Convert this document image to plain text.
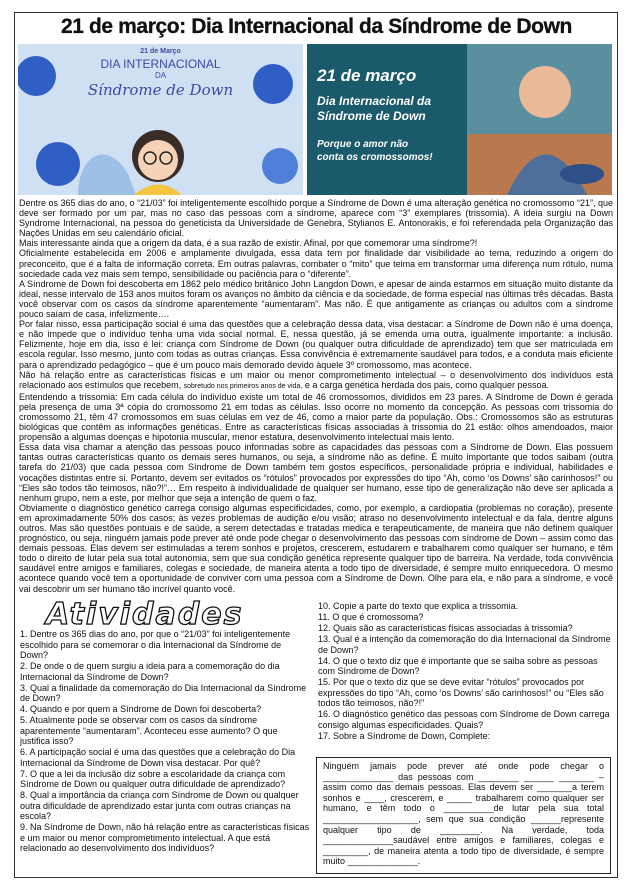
21 de março: Dia Internacional da Síndrome de Down
21 de Março
DIA INTERNACIONAL
DA
Síndrome de Down
21 de março
Dia Internacional da
Síndrome de Down
Porque o amor não
conta os cromossomos!

Dentre os 365 dias do ano, o “21/03” foi inteligentemente escolhido porque a Síndrome de Down é uma alteração genética no cromossomo “21”, que deve ser formado por um par, mas no caso das pessoas com a síndrome, aparece com “3” exemplares (trissomia). A ideia surgiu na Down Syndrome Internacional, na pessoa do geneticista da Universidade de Genebra, Stylianos E. Antonorakis, e foi referendada pela Organização das Nações Unidas em seu calendário oficial.

Mais interessante ainda que a origem da data, é a sua razão de existir. Afinal, por que comemorar uma síndrome?!

Oficialmente estabelecida em 2006 e amplamente divulgada, essa data tem por finalidade dar visibilidade ao tema, reduzindo a origem do preconceito, que é a falta de informação correta. Em outras palavras, combater o “mito” que teima em transformar uma diferença num rótulo, numa sociedade cada vez mais sem tempo, sensibilidade ou paciência para o “diferente”.

A Síndrome de Down foi descoberta em 1862 pelo médico britânico John Langdon Down, e apesar de ainda estarmos em situação muito distante da ideal, nesse intervalo de 153 anos muitos foram os avanços no âmbito da ciência e da sociedade, de forma especial nas últimas três décadas. Basta você observar com os casos da síndrome aparentemente “aumentaram”. Mas não. É que antigamente as crianças ou adultos com a síndrome pouco saíam de casa, infelizmente….

Por falar nisso, essa participação social é uma das questões que a celebração dessa data, visa destacar: a Síndrome de Down não é uma doença, e não impede que o indivíduo tenha uma vida social normal. E, nessa questão, já se emenda uma outra, igualmente importante: a inclusão. Felizmente, hoje em dia, isso é lei: criança com Síndrome de Down (ou qualquer outra dificuldade de aprendizado) tem que ser matriculada em escola regular. Isso mesmo, junto com todas as outras crianças. Essa convivência é extremamente saudável para todos, e a conduta mais eficiente para o aprendizado pedagógico – que é um pouco mais demorado devido àquele 3º cromossomo, mas acontece.

Não há relação entre as características físicas e um maior ou menor comprometimento intelectual – o desenvolvimento dos indivíduos está relacionado aos estímulos que recebem, sobretudo nos primeiros anos de vida, e a carga genética herdada dos pais, como qualquer pessoa.

Entendendo a trissomia: Em cada célula do indivíduo existe um total de 46 cromossomos, divididos em 23 pares. A Síndrome de Down é gerada pela presença de uma 3ª cópia do cromossomo 21 em todas as células. Isso ocorre no momento da concepção. As pessoas com trissomia do cromossomo 21, têm 47 cromossomos em suas células em vez de 46, como a maior parte da população. Obs.: Cromossomos são as estruturas biológicas que contêm as informações genéticas. Entre as características físicas associadas à trissomia do 21 estão: olhos amendoados, maior propensão a algumas doenças e hipotonia muscular, menor estatura, desenvolvimento intelectual mais lento.

Essa data visa chamar a atenção das pessoas pouco informadas sobre as capacidades das pessoas com a Síndrome de Down. Elas possuem tantas outras características quanto os demais seres humanos, ou seja, a síndrome não as define. É muito importante que todos saibam (outra tarefa do 21/03) que cada pessoa com Síndrome de Down também tem gostos específicos, personalidade própria e individual, habilidades e vocações distintas entre si. Portanto, devem ser evitados os “rótulos” provocados por expressões do tipo “Ah, como ‘os Downs’ são carinhosos!” ou “Eles são todos tão teimosos, não?!”… Em respeito à individualidade de qualquer ser humano, esse tipo de generalização não deve ser aplicada a nenhum grupo, nem a este, por melhor que seja a intenção de quem o faz.

Obviamente o diagnóstico genético carrega consigo algumas especificidades, como, por exemplo, a cardiopatia (problemas no coração), presente em aproximadamente 50% dos casos; às vezes problemas de audição e/ou visão; atraso no desenvolvimento intelectual e da fala, dentre alguns outros. Mas são questões pontuais e de saúde, a serem detectadas e tratadas medica e terapeuticamente, de maneira que não definem qualquer prognóstico, ou seja, ninguém jamais pode prever até onde pode chegar o desenvolvimento das pessoas com síndrome de Down – assim como das demais pessoas. Elas devem ser estimuladas a terem sonhos e projetos, crescerem, estudarem e trabalharem como qualquer ser humano, e têm todo o direito de lutar pela sua total autonomia, sem que sua condição genética represente qualquer tipo de barreira. Na verdade, toda convivência saudável entre amigos e familiares, colegas e sociedade, de maneira atenta a todo tipo de diversidade, é sempre muito enriquecedora. O mesmo acontece quando você tem a oportunidade de conviver com uma pessoa com a Síndrome de Down. Olhe para ela, e não para a síndrome, e você vai descobrir um ser humano tão incrível quanto você.

Atividades

1. Dentre os 365 dias do ano, por que o “21/03” foi inteligentemente escolhido para se comemorar o dia Internacional da Síndrome de Down?

2. De onde o de quem surgiu a ideia para a comemoração do dia Internacional da Síndrome de Down?

3. Qual a finalidade da comemoração do Dia Internacional da Síndrome de Down?

4. Quando e por quem a Síndrome de Down foi descoberta?

5. Atualmente pode se observar com os casos da síndrome aparentemente “aumentaram”. Aconteceu esse aumento? O que justifica isso?

6. A participação social é uma das questões que a celebração do Dia Internacional da Síndrome de Down visa destacar. Por quê?

7. O que a lei da inclusão diz sobre a escolaridade da criança com Síndrome de Down ou qualquer outra dificuldade de aprendizado?

8. Qual a importância da criança com Síndrome de Down ou qualquer outra dificuldade de aprendizado estar junta com outras crianças na escola?

9. Na Síndrome de Down, não há relação entre as características físicas e um maior ou menor comprometimento intelectual. A que está relacionado ao desenvolvimento dos indivíduos?

10. Copie a parte do texto que explica a trissomia.

11. O que é cromossoma?

12. Quais são as características físicas associadas à trissomia?

13. Qual é a intenção da comemoração do dia Internacional da Síndrome de Down?

14. O que o texto diz que é importante que se saiba sobre as pessoas com Síndrome de Down?

15. Por que o texto diz que se deve evitar “rótulos” provocados por expressões do tipo “Ah, como ‘os Downs’ são carinhosos!” ou “Eles são todos tão teimosos, não?!”

16. O diagnóstico genético das pessoas com Síndrome de Down carrega consigo algumas especificidades. Quais?

17. Sobre a Síndrome de Down, Complete:

Ninguém jamais pode prever até onde pode chegar o ______________ das pessoas com ________ ______ _______ – assim como das demais pessoas. Elas devem ser _______a terem sonhos e ____, crescerem, e _____ trabalharem como qualquer ser humano, e têm todo o __________de lutar pela sua total ___________________, sem que sua condição ______represente qualquer tipo de ________. Na verdade, toda ______________saudável entre amigos e familiares, colegas e _________, de maneira atenta a todo tipo de diversidade, é sempre muito ______________.
